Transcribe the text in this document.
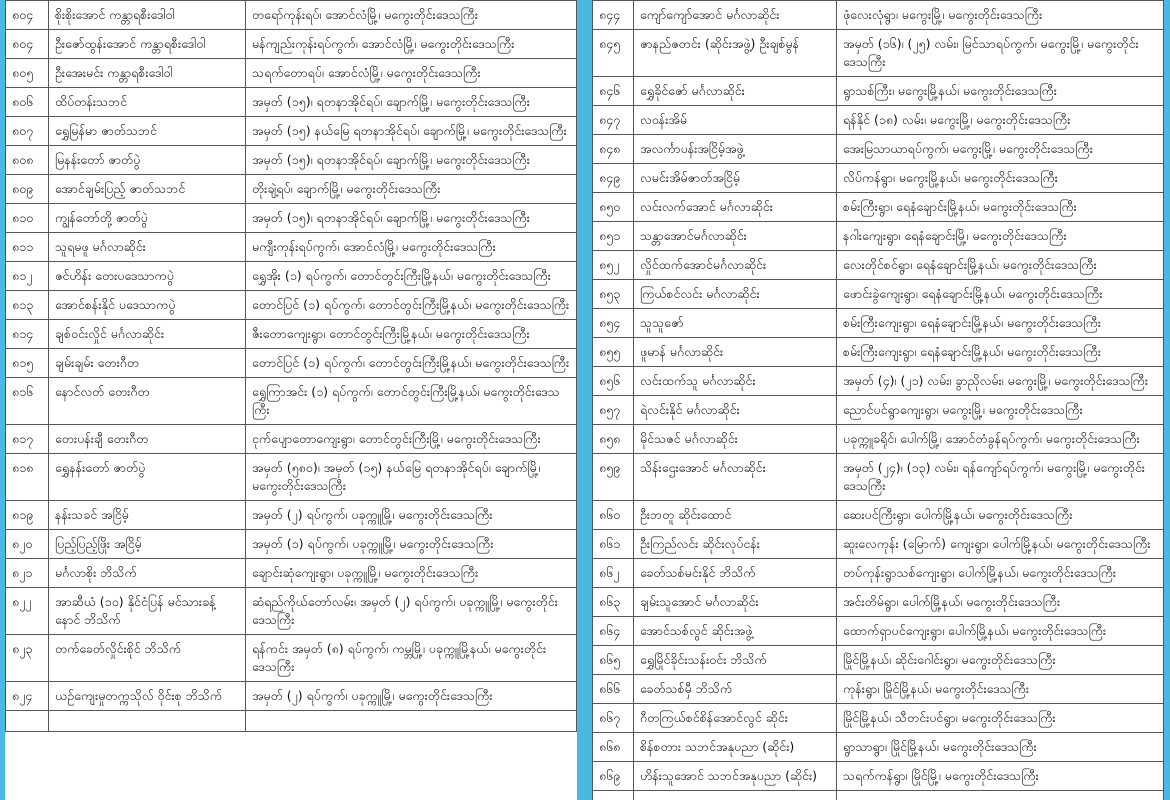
၈၀၄	စိုးစိုးအောင် ကန္တာရစီးဒေါဝါ	တရော်ကုန်းရပ်၊ အောင်လံမြို့၊ မကွေးတိုင်းဒေသကြီး
၈၀၄	ဦးဇော်ထွန်းအောင် ကန္တာရစီးဒေါဝါ	မန်ကျည်းကုန်းရပ်ကွက်၊ အောင်လံမြို့၊ မကွေးတိုင်းဒေသကြီး
၈၀၅	ဦးအေးမင်း ကန္တာရစီးဒေါဝါ	သရက်တောရပ်၊ အောင်လံမြို့၊ မကွေးတိုင်းဒေသကြီး
၈၀၆	ထိပ်တန်းသဘင်	အမှတ် (၁၅)၊ ရတနာအိုင်ရပ်၊ ချောက်မြို့၊ မကွေးတိုင်းဒေသကြီး
၈၀၇	ရွှေမြန်မာ ဇာတ်သဘင်	အမှတ် (၁၅) နယ်မြေ ရတနာအိုင်ရပ်၊ ချောက်မြို့၊ မကွေးတိုင်းဒေသကြီး
၈၀၈	မြနန်းတော် ဇာတ်ပွဲ	အမှတ် (၁၅)၊ ရတနာအိုင်ရပ်၊ ချောက်မြို့၊ မကွေးတိုင်းဒေသကြီး
၈၀၉	အောင်ချမ်းပြည့် ဇာတ်သဘင်	တိုးချဲ့ရပ်၊ ချောက်မြို့၊ မကွေးတိုင်းဒေသကြီး
၈၁၀	ကျွန်တော်တို့ ဇာတ်ပွဲ	အမှတ် (၁၅)၊ ရတနာအိုင်ရပ်၊ ချောက်မြို့၊ မကွေးတိုင်းဒေသကြီး
၈၁၁	သူရမဖူ မင်္ဂလာဆိုင်း	မကျီးကုန်းရပ်ကွက်၊ အောင်လံမြို့၊ မကွေးတိုင်းဒေသကြီး
၈၁၂	ဇင်ဟိန်း တေးပဒေသာကပွဲ	ရွှေအိုး (၁) ရပ်ကွက်၊ တောင်တွင်းကြီးမြို့နယ်၊ မကွေးတိုင်းဒေသကြီး
၈၁၃	အောင်စန်းနိုင် ပဒေသာကပွဲ	တောင်ပြင် (၁) ရပ်ကွက်၊ တောင်တွင်းကြီးမြို့နယ်၊ မကွေးတိုင်းဒေသကြီး
၈၁၄	ချစ်ဝင်းလှိုင် မင်္ဂလာဆိုင်း	ဇီးတောကျေးရွာ၊ တောင်တွင်းကြီးမြို့နယ်၊ မကွေးတိုင်းဒေသကြီး
၈၁၅	ချမ်းချမ်း တေးဂီတ	တောင်ပြင် (၁) ရပ်ကွက်၊ တောင်တွင်းကြီးမြို့နယ်၊ မကွေးတိုင်းဒေသကြီး
၈၁၆	နောင်လတ် တေးဂီတ	ရွှေကြာအင်း (၁) ရပ်ကွက်၊ တောင်တွင်းကြီးမြို့နယ်၊ မကွေးတိုင်းဒေသကြီး
၈၁၇	တေးပန်းချီ တေးဂီတ	ငုက်ပျောတောကျေးရွာ၊ တောင်တွင်းကြီးမြို့၊ မကွေးတိုင်းဒေသကြီး
၈၁၈	ရွှေနန်းတော် ဇာတ်ပွဲ	အမှတ် (၅၈၀)၊ အမှတ် (၁၅) နယ်မြေ ရတနာအိုင်ရပ်၊ ချောက်မြို့၊ မကွေးတိုင်းဒေသကြီး
၈၁၉	နန်းသခင် အငြိမ့်	အမှတ် (၂) ရပ်ကွက်၊ ပခုက္ကူမြို့၊ မကွေးတိုင်းဒေသကြီး
၈၂၀	ပြည့်ပြည့်ဖြိုး အငြိမ့်	အမှတ် (၁) ရပ်ကွက်၊ ပခုက္ကူမြို့၊ မကွေးတိုင်းဒေသကြီး
၈၂၁	မင်္ဂလာစိုး ဘိသိက်	ချောင်းဆုံကျေးရွာ၊ ပခုက္ကူမြို့၊ မကွေးတိုင်းဒေသကြီး
၈၂၂	အာဆီယံ (၁၀) နိုင်ငံပြန် မင်သားခန့်နောင် ဘိသိက်	ဆံရည်ကိုယ်တော်လမ်း၊ အမှတ် (၂) ရပ်ကွက်၊ ပခုက္ကူမြို့၊ မကွေးတိုင်းဒေသကြီး
၈၂၃	တက်ခေတ်လှိုင်းစိုင် ဘိသိက်	ရန်ကင်း အမှတ် (၈) ရပ်ကွက်၊ ကမ္ဘမြို့၊ ပခုက္ကူမြို့နယ်၊ မကွေးတိုင်းဒေသကြီး
၈၂၄	ယဉ်ကျေးမှုတက္ကသိုလ် ဝိုင်းစု ဘိသိက်	အမှတ် (၂) ရပ်ကွက်၊ ပခုက္ကူမြို့၊ မကွေးတိုင်းဒေသကြီး

၈၄၄	ကျော်ကျော်အောင် မင်္ဂလာဆိုင်း	ဖုံလေးလုံရွာ၊ မကွေးမြို့၊ မကွေးတိုင်းဒေသကြီး
၈၄၅	ဇာနည်ဇတင်း (ဆိုင်းအဖွဲ့) ဦးချစ်မွန်	အမှတ် (၁၆)၊ (၂၅) လမ်း၊ မြင်သာရပ်ကွက်၊ မကွေးမြို့၊ မကွေးတိုင်းဒေသကြီး
၈၄၆	ရွှေခိုင်ဇော် မင်္ဂလာဆိုင်း	ရွာသစ်ကြီး၊ မကွေးမြို့နယ်၊ မကွေးတိုင်းဒေသကြီး
၈၄၇	လ၀န်းအိမ်	ရန်နိုင် (၁၈) လမ်း၊ မကွေးမြို့၊ မကွေးတိုင်းဒေသကြီး
၈၄၈	အလင်္ကာပန်းအငြိမ့်အဖွဲ့	အေးမြသာယာရပ်ကွက်၊ မကွေးမြို့၊ မကွေးတိုင်းဒေသကြီး
၈၄၉	လမင်းအိမ်ဇာတ်အငြိမ့်	လိပ်ကန်ရွာ၊ မကွေးမြို့နယ်၊ မကွေးတိုင်းဒေသကြီး
၈၅၀	လင်းလက်အောင် မင်္ဂလာဆိုင်း	စမ်းကြီးရွာ၊ ရေနံချောင်းမြို့နယ်၊ မကွေးတိုင်းဒေသကြီး
၈၅၁	သန္တာအောင်မင်္ဂလာဆိုင်း	နဂါးကျေးရွာ၊ ရေနံချောင်းမြို့၊ မကွေးတိုင်းဒေသကြီး
၈၅၂	လှိုင်ထက်အောင်မင်္ဂလာဆိုင်း	လေးတိုင်စင်ရွာ၊ ရေနံချောင်းမြို့နယ်၊ မကွေးတိုင်းဒေသကြီး
၈၅၃	ကြယ်စင်လင်း မင်္ဂလာဆိုင်း	ဖောင်းခွဲကျေးရွာ၊ ရေနံချောင်းမြို့နယ်၊ မကွေးတိုင်းဒေသကြီး
၈၅၄	သူသူဇော်	စမ်းကြီးကျေးရွာ၊ ရေနံချောင်းမြို့နယ်၊ မကွေးတိုင်းဒေသကြီး
၈၅၅	ဖူမာန် မင်္ဂလာဆိုင်း	စမ်းကြီးကျေးရွာ၊ ရေနံချောင်းမြို့နယ်၊ မကွေးတိုင်းဒေသကြီး
၈၅၆	လင်းထက်သူ မင်္ဂလာဆိုင်း	အမှတ် (၄)၊ (၂၁) လမ်း၊ ခွာညိုလမ်း၊ မကွေးမြို့၊ မကွေးတိုင်းဒေသကြီး
၈၅၇	ရဲလင်းနိုင် မင်္ဂလာဆိုင်း	ညောင်ပင်ရွာကျေးရွာ၊ မကွေးမြို့၊ မကွေးတိုင်းဒေသကြီး
၈၅၈	မိုင်သဇင် မင်္ဂလာဆိုင်း	ပခုက္ကူခရိုင်၊ ပေါက်မြို့၊ အောင်တံခွန်ရပ်ကွက်၊ မကွေးတိုင်းဒေသကြီး
၈၅၉	သိန်းဌေးအောင် မင်္ဂလာဆိုင်း	အမှတ် (၂၄)၊ (၁၃) လမ်း၊ ရန်ကျော်ရပ်ကွက်၊ မကွေးမြို့၊ မကွေးတိုင်းဒေသကြီး
၈၆၀	ဦးဘတူ ဆိုင်းထောင်	ဆေးပင်ကြီးရွာ၊ ပေါက်မြို့နယ်၊ မကွေးတိုင်းဒေသကြီး
၈၆၁	ဦးကြည်လင်း ဆိုင်းလုပ်ငန်း	ဆူးလေကုန်း (မြောက်) ကျေးရွာ၊ ပေါက်မြို့နယ်၊ မကွေးတိုင်းဒေသကြီး
၈၆၂	ခေတ်သစ်မင်းနိုင် ဘိသိက်	တပ်ကုန်းရွာသစ်ကျေးရွာ၊ ပေါက်မြို့နယ်၊ မကွေးတိုင်းဒေသကြီး
၈၆၃	ချမ်းသူအောင် မင်္ဂလာဆိုင်း	အင်းတိမ်ရွာ၊ ပေါက်မြို့နယ်၊ မကွေးတိုင်းဒေသကြီး
၈၆၄	အောင်သစ်လွင် ဆိုင်းအဖွဲ့	ထောက်ရှာပင်ကျေးရွာ၊ ပေါက်မြို့နယ်၊ မကွေးတိုင်းဒေသကြီး
၈၆၅	ရွှေမြိုင်ခိုင်းသန်းဝင်း ဘိသိက်	မြိုင်မြို့နယ်၊ ဆိုင်းဂေါင်းရွာ၊ မကွေးတိုင်းဒေသကြီး
၈၆၆	ခေတ်သစ်မှီ ဘိသိက်	ကုန်းရွာ၊ မြိုင်မြို့နယ်၊ မကွေးတိုင်းဒေသကြီး
၈၆၇	ဂီတကြယ်စင်စိန်အောင်လွင် ဆိုင်း	မြိုင်မြို့နယ်၊ သီတင်းပင်ရွာ၊ မကွေးတိုင်းဒေသကြီး
၈၆၈	စိန်စတား သဘင်အနုပညာ (ဆိုင်း)	ရွာသာရွာ၊ မြိုင်မြို့နယ်၊ မကွေးတိုင်းဒေသကြီး
၈၆၉	ဟိန်းသူအောင် သဘင်အနုပညာ (ဆိုင်း)	သရက်ကန်ရွာ၊ မြိုင်မြို့၊ မကွေးတိုင်းဒေသကြီး
